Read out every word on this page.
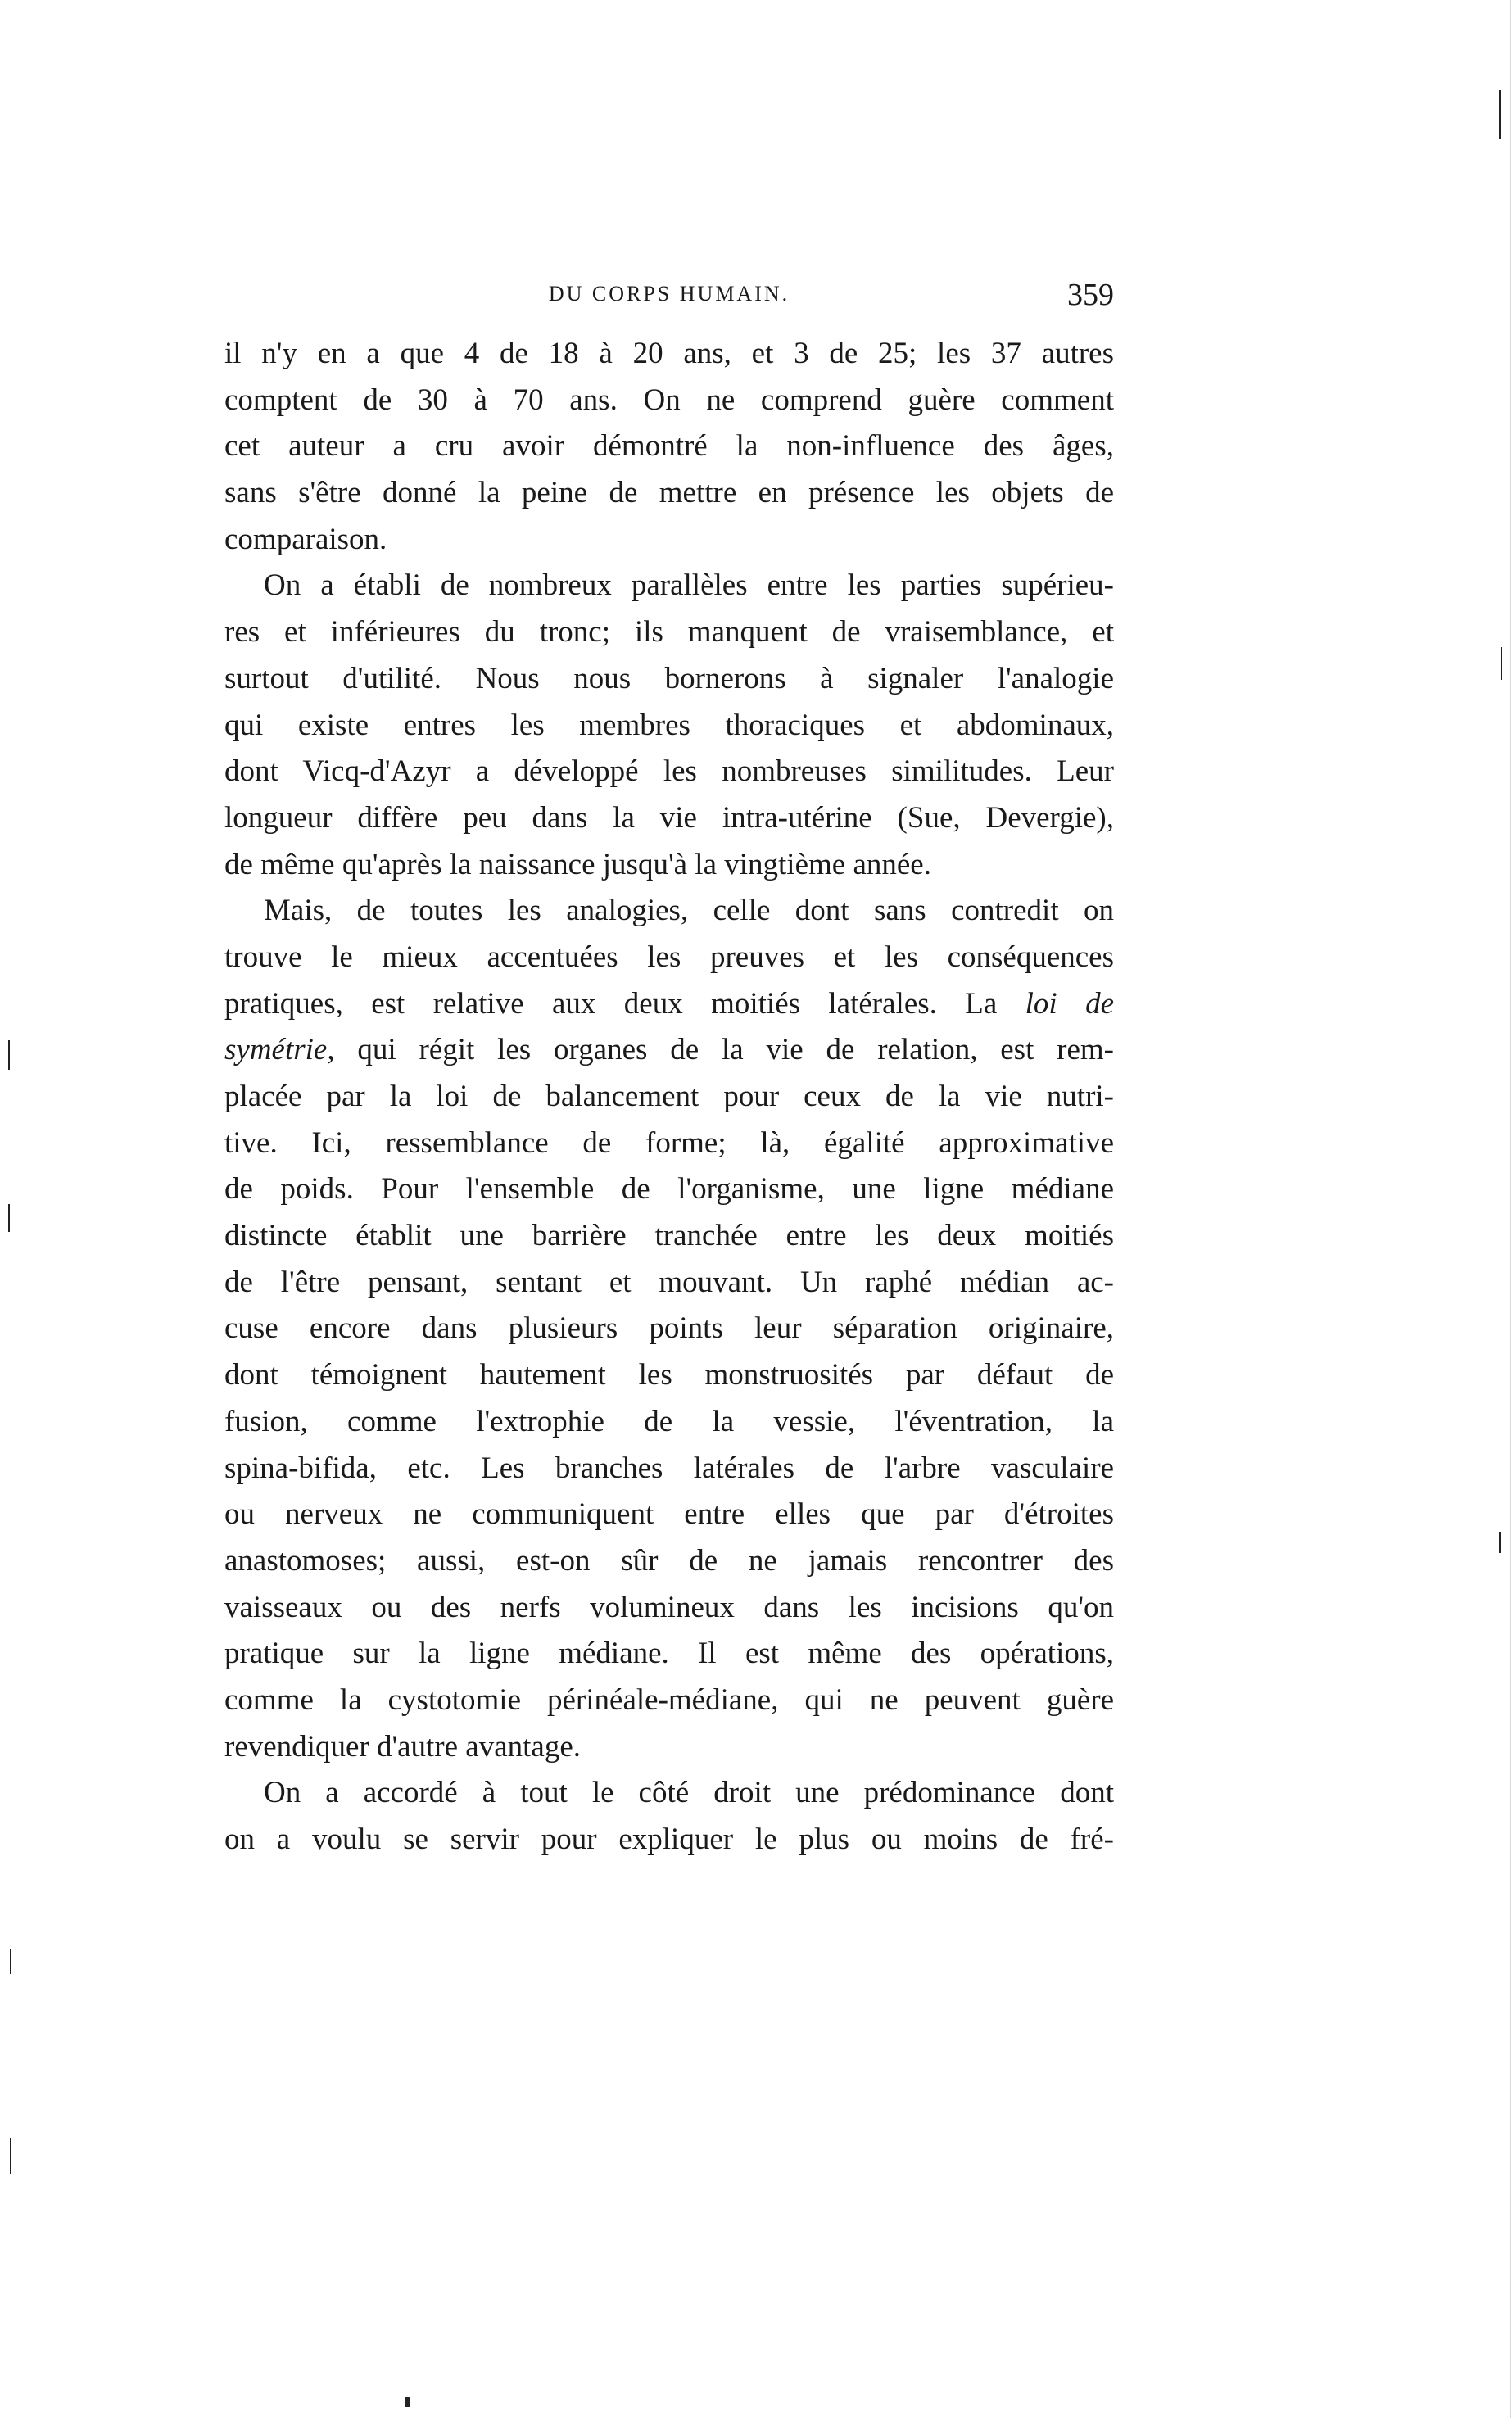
DU CORPS HUMAIN.	359
il n'y en a que 4 de 18 à 20 ans, et 3 de 25; les 37 autres
comptent de 30 à 70 ans. On ne comprend guère comment
cet auteur a cru avoir démontré la non-influence des âges,
sans s'être donné la peine de mettre en présence les objets de
comparaison.
On a établi de nombreux parallèles entre les parties supérieu-
res et inférieures du tronc; ils manquent de vraisemblance, et
surtout d'utilité. Nous nous bornerons à signaler l'analogie
qui existe entres les membres thoraciques et abdominaux,
dont Vicq-d'Azyr a développé les nombreuses similitudes. Leur
longueur diffère peu dans la vie intra-utérine (Sue, Devergie),
de même qu'après la naissance jusqu'à la vingtième année.
Mais, de toutes les analogies, celle dont sans contredit on
trouve le mieux accentuées les preuves et les conséquences
pratiques, est relative aux deux moitiés latérales. La loi de
symétrie, qui régit les organes de la vie de relation, est rem-
placée par la loi de balancement pour ceux de la vie nutri-
tive. Ici, ressemblance de forme; là, égalité approximative
de poids. Pour l'ensemble de l'organisme, une ligne médiane
distincte établit une barrière tranchée entre les deux moitiés
de l'être pensant, sentant et mouvant. Un raphé médian ac-
cuse encore dans plusieurs points leur séparation originaire,
dont témoignent hautement les monstruosités par défaut de
fusion, comme l'extrophie de la vessie, l'éventration, la
spina-bifida, etc. Les branches latérales de l'arbre vasculaire
ou nerveux ne communiquent entre elles que par d'étroites
anastomoses; aussi, est-on sûr de ne jamais rencontrer des
vaisseaux ou des nerfs volumineux dans les incisions qu'on
pratique sur la ligne médiane. Il est même des opérations,
comme la cystotomie périnéale-médiane, qui ne peuvent guère
revendiquer d'autre avantage.
On a accordé à tout le côté droit une prédominance dont
on a voulu se servir pour expliquer le plus ou moins de fré-
